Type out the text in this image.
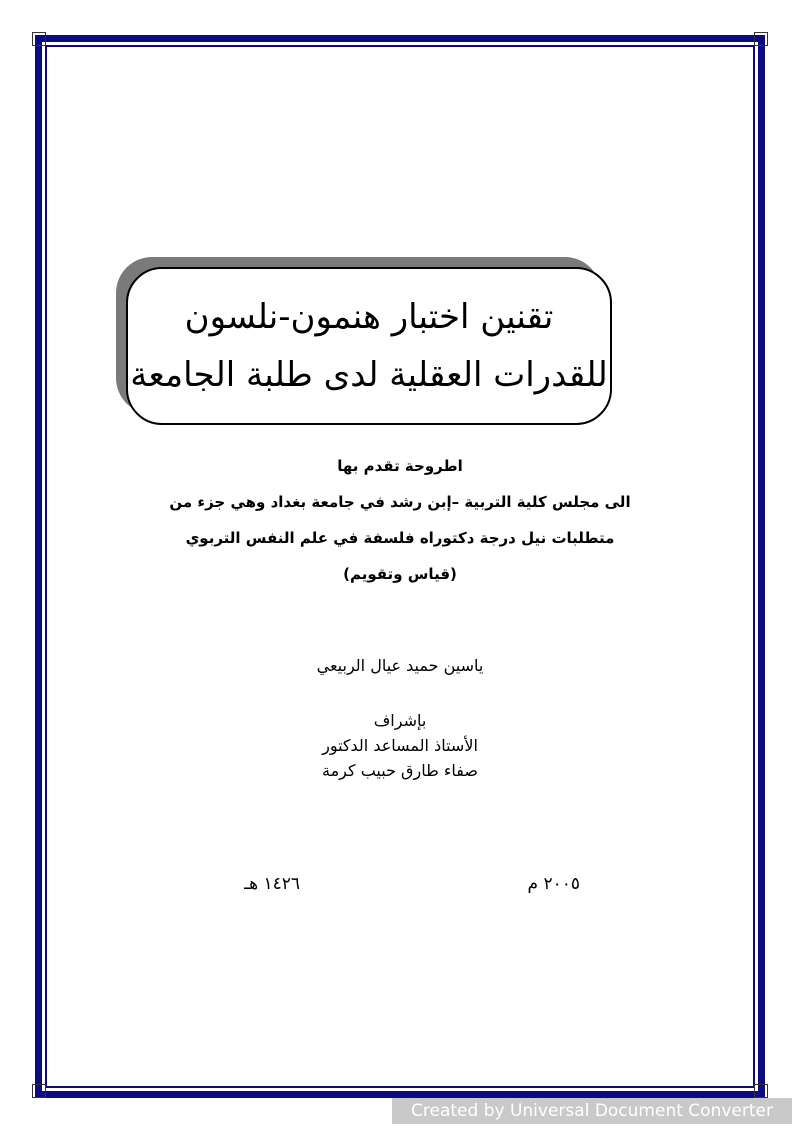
تقنين اختبار هنمون-نلسون
للقدرات العقلية لدى طلبة الجامعة
اطروحة تقدم بها
الى مجلس كلية التربية –إبن رشد في جامعة بغداد وهي جزء من
متطلبات نيل درجة دكتوراه فلسفة في علم النفس التربوي
(قياس وتقويم)
ياسين حميد عيال الربيعي
بإشراف
الأستاذ المساعد الدكتور
صفاء طارق حبيب كرمة
٢٠٠٥ م
١٤٢٦ هـ
Created by Universal Document Converter
